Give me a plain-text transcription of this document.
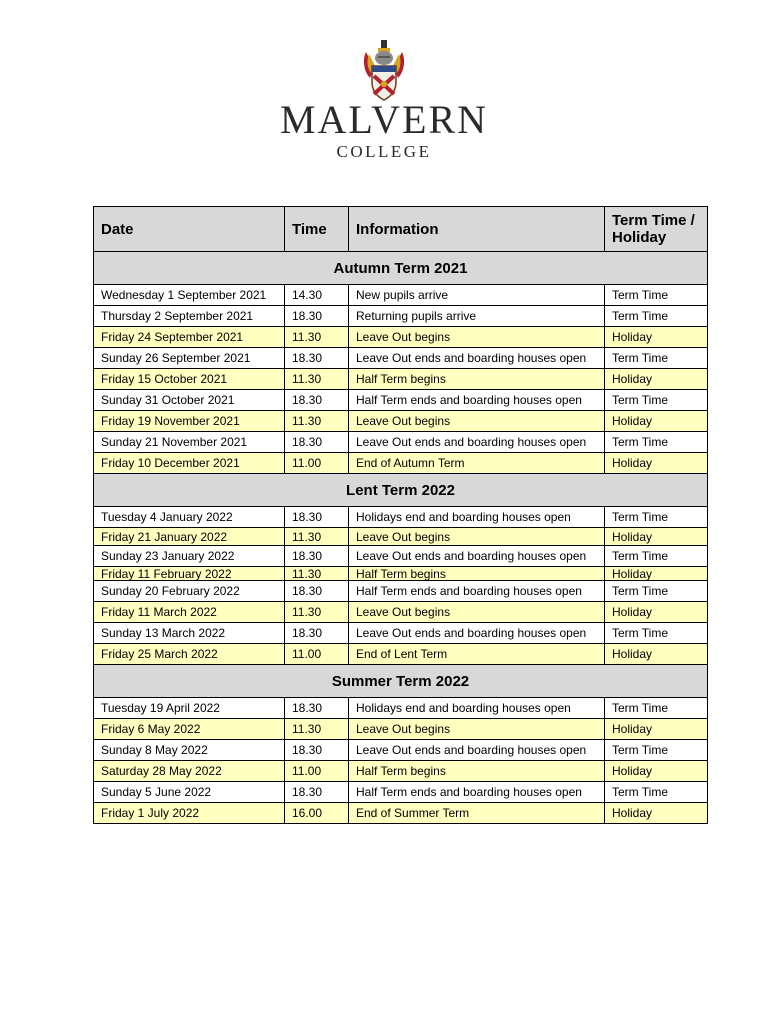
MALVERN
COLLEGE
Date	Time	Information	Term Time / Holiday
Autumn Term 2021			
Wednesday 1 September 2021	14.30	New pupils arrive	Term Time
Thursday 2 September 2021	18.30	Returning pupils arrive	Term Time
Friday 24 September 2021	11.30	Leave Out begins	Holiday
Sunday 26 September 2021	18.30	Leave Out ends and boarding houses open	Term Time
Friday 15 October 2021	11.30	Half Term begins	Holiday
Sunday 31 October 2021	18.30	Half Term ends and boarding houses open	Term Time
Friday 19 November 2021	11.30	Leave Out begins	Holiday
Sunday 21 November 2021	18.30	Leave Out ends and boarding houses open	Term Time
Friday 10 December 2021	11.00	End of Autumn Term	Holiday
Lent Term 2022			
Tuesday 4 January 2022	18.30	Holidays end and boarding houses open	Term Time
Friday 21 January 2022	11.30	Leave Out begins	Holiday
Sunday 23 January 2022	18.30	Leave Out ends and boarding houses open	Term Time
Friday 11 February 2022	11.30	Half Term begins	Holiday
Sunday 20 February 2022	18.30	Half Term ends and boarding houses open	Term Time
Friday 11 March 2022	11.30	Leave Out begins	Holiday
Sunday 13 March 2022	18.30	Leave Out ends and boarding houses open	Term Time
Friday 25 March 2022	11.00	End of Lent Term	Holiday
Summer Term 2022			
Tuesday 19 April 2022	18.30	Holidays end and boarding houses open	Term Time
Friday 6 May 2022	11.30	Leave Out begins	Holiday
Sunday 8 May 2022	18.30	Leave Out ends and boarding houses open	Term Time
Saturday 28 May 2022	11.00	Half Term begins	Holiday
Sunday 5 June 2022	18.30	Half Term ends and boarding houses open	Term Time
Friday 1 July 2022	16.00	End of Summer Term	Holiday
